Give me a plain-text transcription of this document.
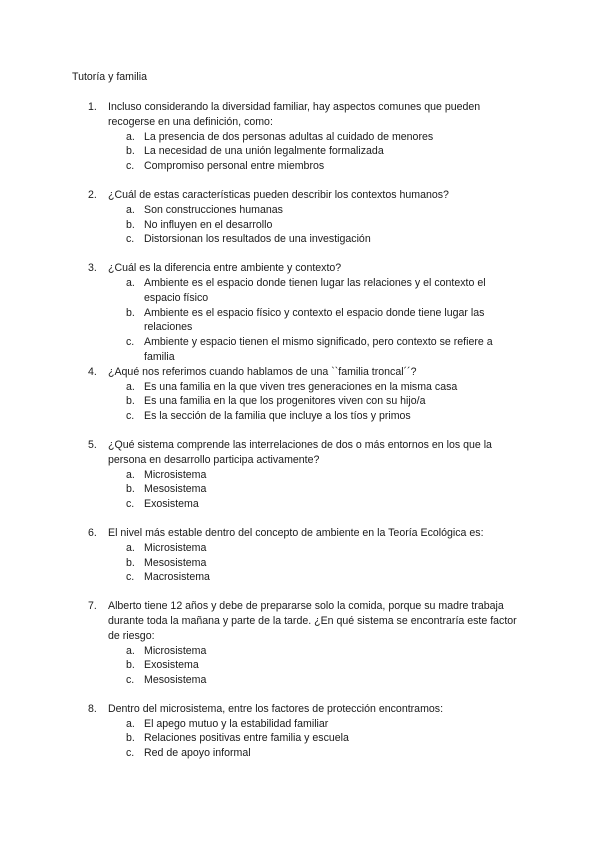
Tutoría y familia
1. Incluso considerando la diversidad familiar, hay aspectos comunes que pueden recogerse en una definición, como:
a. La presencia de dos personas adultas al cuidado de menores
b. La necesidad de una unión legalmente formalizada
c. Compromiso personal entre miembros
2. ¿Cuál de estas características pueden describir los contextos humanos?
a. Son construcciones humanas
b. No influyen en el desarrollo
c. Distorsionan los resultados de una investigación
3. ¿Cuál es la diferencia entre ambiente y contexto?
a. Ambiente es el espacio donde tienen lugar las relaciones y el contexto el espacio físico
b. Ambiente es el espacio físico y contexto el espacio donde tiene lugar las relaciones
c. Ambiente y espacio tienen el mismo significado, pero contexto se refiere a familia
4. ¿Aqué nos referimos cuando hablamos de una ``familia troncal´´?
a. Es una familia en la que viven tres generaciones en la misma casa
b. Es una familia en la que los progenitores viven con su hijo/a
c. Es la sección de la familia que incluye a los tíos y primos
5. ¿Qué sistema comprende las interrelaciones de dos o más entornos en los que la persona en desarrollo participa activamente?
a. Microsistema
b. Mesosistema
c. Exosistema
6. El nivel más estable dentro del concepto de ambiente en la Teoría Ecológica es:
a. Microsistema
b. Mesosistema
c. Macrosistema
7. Alberto tiene 12 años y debe de prepararse solo la comida, porque su madre trabaja durante toda la mañana y parte de la tarde. ¿En qué sistema se encontraría este factor de riesgo:
a. Microsistema
b. Exosistema
c. Mesosistema
8. Dentro del microsistema, entre los factores de protección encontramos:
a. El apego mutuo y la estabilidad familiar
b. Relaciones positivas entre familia y escuela
c. Red de apoyo informal
